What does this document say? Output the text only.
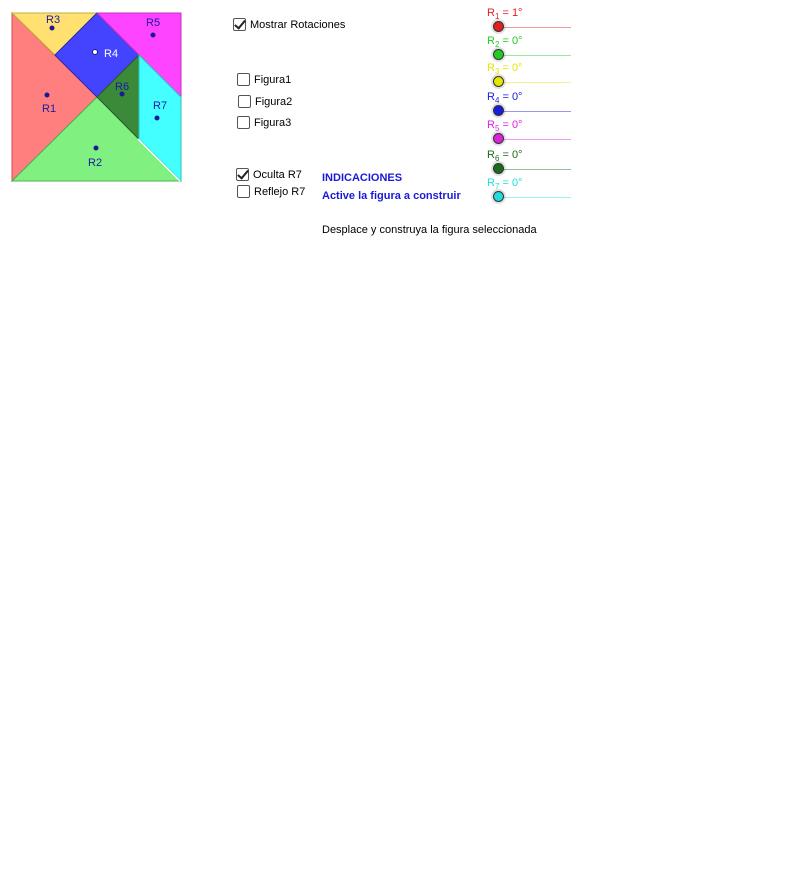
R3
R4
R5
R6
R1	R7
R2
Mostrar Rotaciones
Figura1
Figura2
Figura3
Oculta R7
Reflejo R7
INDICACIONES
Active la figura a construir
Desplace y construya la figura seleccionada
$R_1 = 1^\circ$
$R_2 = 0^\circ$
$R_3 = 0^\circ$
$R_4 = 0^\circ$
$R_5 = 0^\circ$
$R_6 = 0^\circ$
$R_7 = 0^\circ$
